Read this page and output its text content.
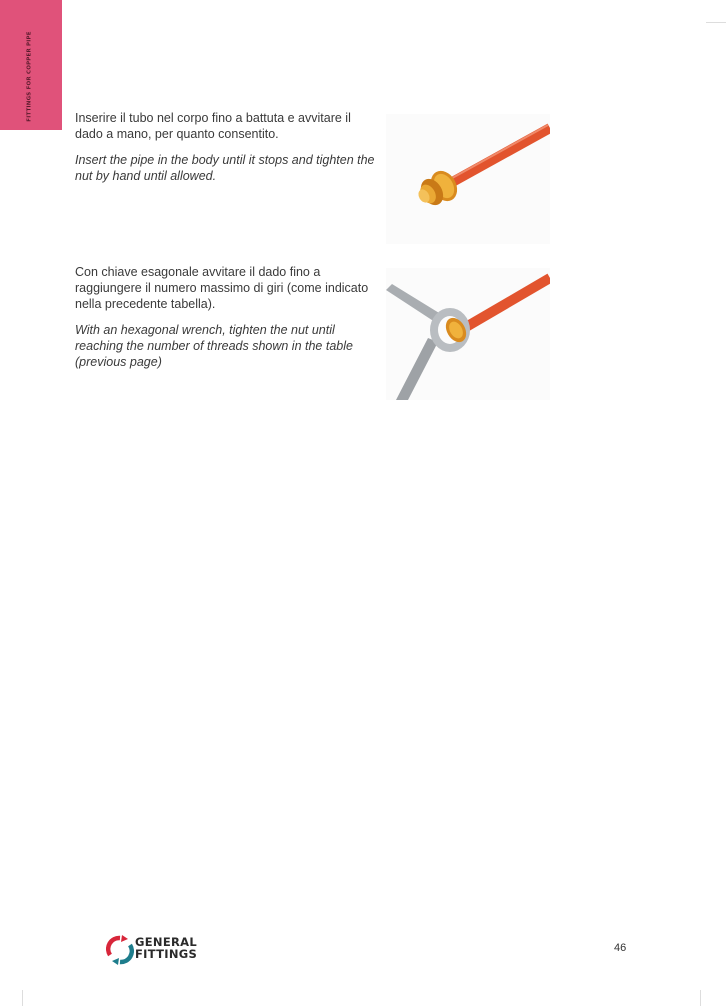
FITTINGS FOR COPPER PIPE	Inserire il tubo nel corpo fino a battuta e avvitare il dado a mano, per quanto consentito.

Insert the pipe in the body until it stops and tighten the nut by hand until allowed.

Con chiave esagonale avvitare il dado fino a raggiungere il numero massimo di giri (come indicato nella precedente tabella).

With an hexagonal wrench, tighten the nut until reaching the number of threads shown in the table (previous page)

GENERAL
FITTINGS	46
